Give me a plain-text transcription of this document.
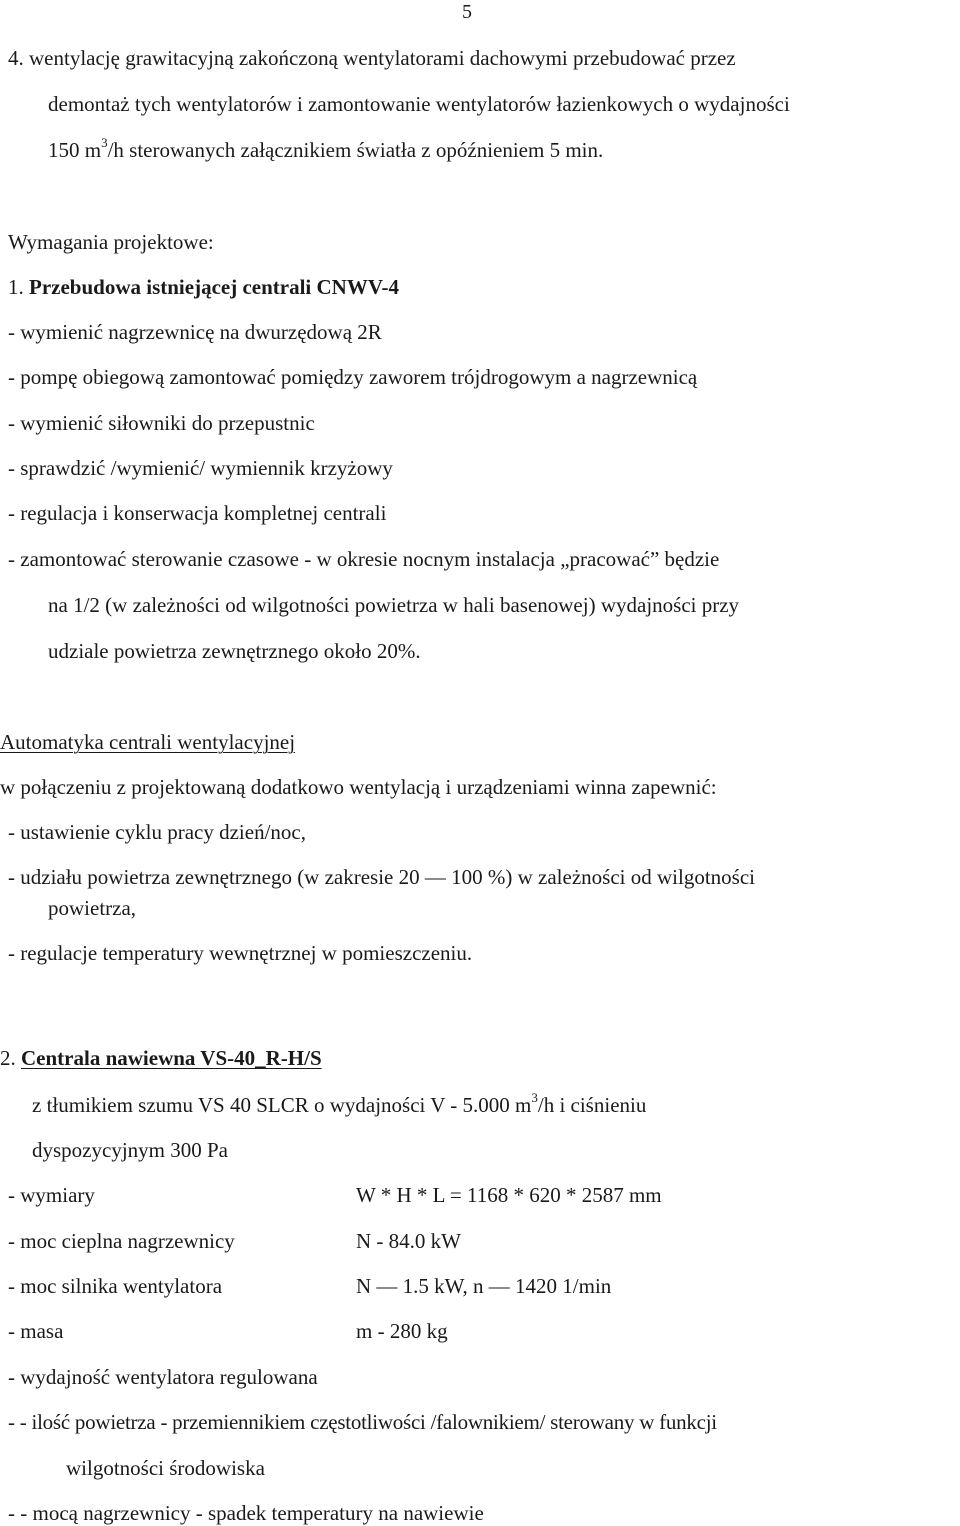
5
4. wentylację grawitacyjną zakończoną wentylatorami dachowymi przebudować przez
demontaż tych wentylatorów i zamontowanie wentylatorów łazienkowych o wydajności
150 $m^3/h$ sterowanych załącznikiem światła z opóźnieniem 5 min.
Wymagania projektowe:
1. Przebudowa istniejącej centrali CNWV-4
- wymienić nagrzewnicę na dwurzędową 2R
- pompę obiegową zamontować pomiędzy zaworem trójdrogowym a nagrzewnicą
- wymienić siłowniki do przepustnic
- sprawdzić /wymienić/ wymiennik krzyżowy
- regulacja i konserwacja kompletnej centrali
- zamontować sterowanie czasowe - w okresie nocnym instalacja „pracować” będzie
na 1/2 (w zależności od wilgotności powietrza w hali basenowej) wydajności przy
udziale powietrza zewnętrznego około 20%.
Automatyka centrali wentylacyjnej
w połączeniu z projektowaną dodatkowo wentylacją i urządzeniami winna zapewnić:
- ustawienie cyklu pracy dzień/noc,
- udziału powietrza zewnętrznego (w zakresie 20 — 100 %) w zależności od wilgotności
powietrza,
- regulacje temperatury wewnętrznej w pomieszczeniu.
2. Centrala nawiewna VS-40_R-H/S
z tłumikiem szumu VS 40 SLCR o wydajności V - 5.000 $m^3/h$ i ciśnieniu
dyspozycyjnym 300 Pa
- wymiary	W * H * L = 1168 * 620 * 2587 mm
- moc cieplna nagrzewnicy	N - 84.0 kW
- moc silnika wentylatora	N — 1.5 kW, n — 1420 1/min
- masa	m - 280 kg
- wydajność wentylatora regulowana
- - ilość powietrza - przemiennikiem częstotliwości /falownikiem/ sterowany w funkcji
wilgotności środowiska
- - mocą nagrzewnicy - spadek temperatury na nawiewie
